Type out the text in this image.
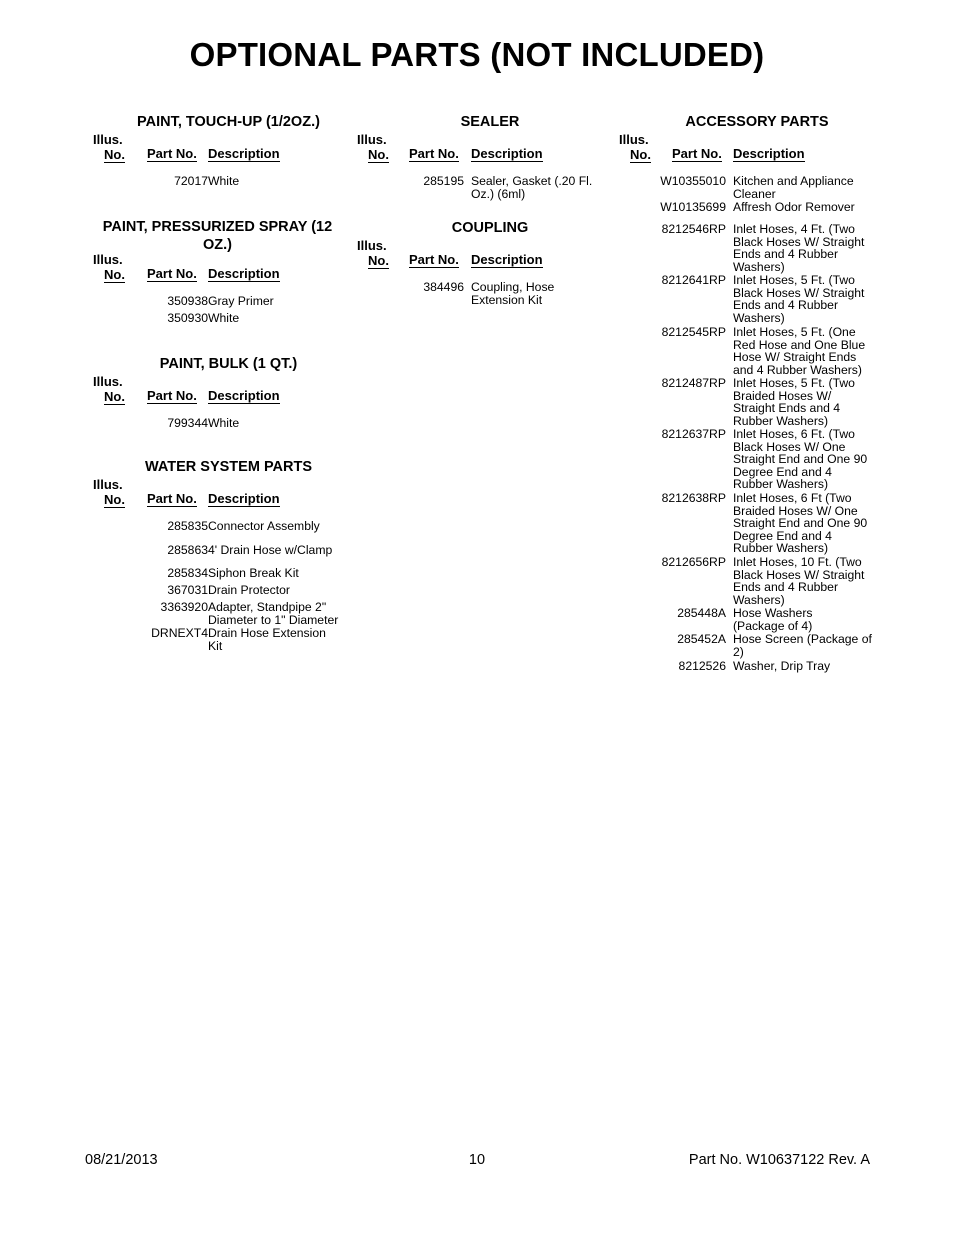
OPTIONAL PARTS (NOT INCLUDED)
PAINT, TOUCH-UP (1/2OZ.)
Illus.
No. Part No. Description
72017 White
PAINT, PRESSURIZED SPRAY (12
OZ.)
Illus.
No. Part No. Description
350938 Gray Primer
350930 White
PAINT, BULK (1 QT.)
Illus.
No. Part No. Description
799344 White
WATER SYSTEM PARTS
Illus.
No. Part No. Description
285835 Connector Assembly
285863 4' Drain Hose w/Clamp
285834 Siphon Break Kit
367031 Drain Protector
3363920 Adapter, Standpipe 2" Diameter to 1" Diameter
DRNEXT4 Drain Hose Extension Kit
SEALER
Illus.
No. Part No. Description
285195 Sealer, Gasket (.20 Fl. Oz.) (6ml)
COUPLING
Illus.
No. Part No. Description
384496 Coupling, Hose Extension Kit
ACCESSORY PARTS
Illus.
No. Part No. Description
W10355010 Kitchen and Appliance Cleaner
W10135699 Affresh Odor Remover
8212546RP Inlet Hoses, 4 Ft. (Two Black Hoses W/ Straight Ends and 4 Rubber Washers)
8212641RP Inlet Hoses, 5 Ft. (Two Black Hoses W/ Straight Ends and 4 Rubber Washers)
8212545RP Inlet Hoses, 5 Ft. (One Red Hose and One Blue Hose W/ Straight Ends and 4 Rubber Washers)
8212487RP Inlet Hoses, 5 Ft. (Two Braided Hoses W/ Straight Ends and 4 Rubber Washers)
8212637RP Inlet Hoses, 6 Ft. (Two Black Hoses W/ One Straight End and One 90 Degree End and 4 Rubber Washers)
8212638RP Inlet Hoses, 6 Ft (Two Braided Hoses W/ One Straight End and One 90 Degree End and 4 Rubber Washers)
8212656RP Inlet Hoses, 10 Ft. (Two Black Hoses W/ Straight Ends and 4 Rubber Washers)
285448A Hose Washers (Package of 4)
285452A Hose Screen (Package of 2)
8212526 Washer, Drip Tray
08/21/2013	10	Part No. W10637122 Rev. A
